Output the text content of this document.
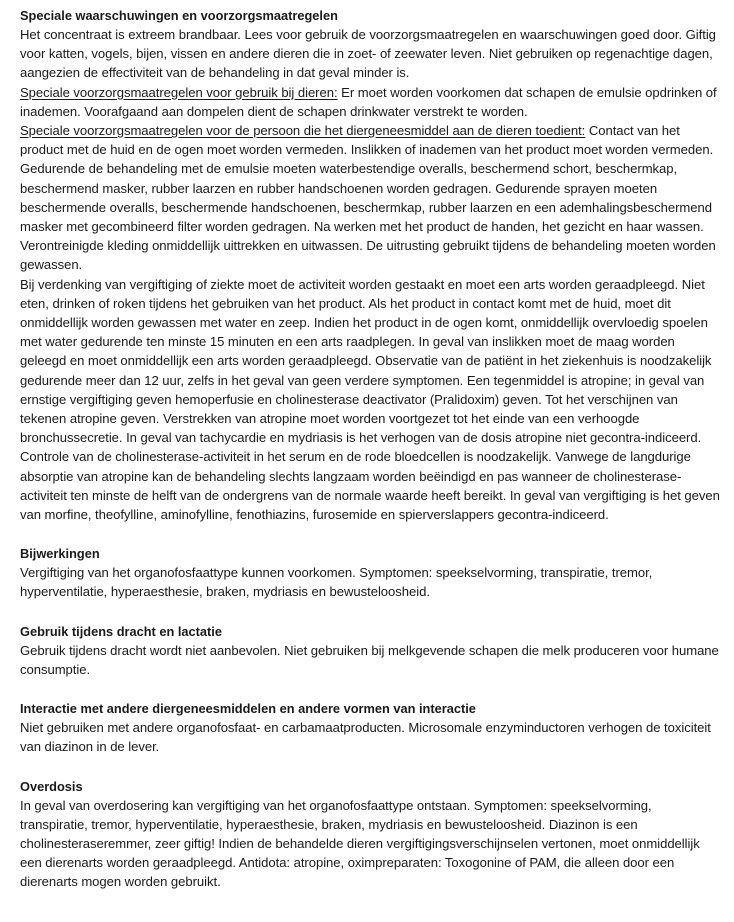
Speciale waarschuwingen en voorzorgsmaatregelen

Het concentraat is extreem brandbaar. Lees voor gebruik de voorzorgsmaatregelen en waarschuwingen goed door. Giftig voor katten, vogels, bijen, vissen en andere dieren die in zoet- of zeewater leven. Niet gebruiken op regenachtige dagen, aangezien de effectiviteit van de behandeling in dat geval minder is.

Speciale voorzorgsmaatregelen voor gebruik bij dieren: Er moet worden voorkomen dat schapen de emulsie opdrinken of inademen. Voorafgaand aan dompelen dient de schapen drinkwater verstrekt te worden.

Speciale voorzorgsmaatregelen voor de persoon die het diergeneesmiddel aan de dieren toedient: Contact van het product met de huid en de ogen moet worden vermeden. Inslikken of inademen van het product moet worden vermeden. Gedurende de behandeling met de emulsie moeten waterbestendige overalls, beschermend schort, beschermkap, beschermend masker, rubber laarzen en rubber handschoenen worden gedragen. Gedurende sprayen moeten beschermende overalls, beschermende handschoenen, beschermkap, rubber laarzen en een ademhalingsbeschermend masker met gecombineerd filter worden gedragen. Na werken met het product de handen, het gezicht en haar wassen. Verontreinigde kleding onmiddellijk uittrekken en uitwassen. De uitrusting gebruikt tijdens de behandeling moeten worden gewassen.

Bij verdenking van vergiftiging of ziekte moet de activiteit worden gestaakt en moet een arts worden geraadpleegd. Niet eten, drinken of roken tijdens het gebruiken van het product. Als het product in contact komt met de huid, moet dit onmiddellijk worden gewassen met water en zeep. Indien het product in de ogen komt, onmiddellijk overvloedig spoelen met water gedurende ten minste 15 minuten en een arts raadplegen. In geval van inslikken moet de maag worden geleegd en moet onmiddellijk een arts worden geraadpleegd. Observatie van de patiënt in het ziekenhuis is noodzakelijk gedurende meer dan 12 uur, zelfs in het geval van geen verdere symptomen. Een tegenmiddel is atropine; in geval van ernstige vergiftiging geven hemoperfusie en cholinesterase deactivator (Pralidoxim) geven. Tot het verschijnen van tekenen atropine geven. Verstrekken van atropine moet worden voortgezet tot het einde van een verhoogde bronchussecretie. In geval van tachycardie en mydriasis is het verhogen van de dosis atropine niet gecontra-indiceerd. Controle van de cholinesterase-activiteit in het serum en de rode bloedcellen is noodzakelijk. Vanwege de langdurige absorptie van atropine kan de behandeling slechts langzaam worden beëindigd en pas wanneer de cholinesterase-activiteit ten minste de helft van de ondergrens van de normale waarde heeft bereikt. In geval van vergiftiging is het geven van morfine, theofylline, aminofylline, fenothiazins, furosemide en spierverslappers gecontra-indiceerd.

Bijwerkingen

Vergiftiging van het organofosfaattype kunnen voorkomen. Symptomen: speekselvorming, transpiratie, tremor, hyperventilatie, hyperaesthesie, braken, mydriasis en bewusteloosheid.

Gebruik tijdens dracht en lactatie

Gebruik tijdens dracht wordt niet aanbevolen. Niet gebruiken bij melkgevende schapen die melk produceren voor humane consumptie.

Interactie met andere diergeneesmiddelen en andere vormen van interactie

Niet gebruiken met andere organofosfaat- en carbamaatproducten. Microsomale enzyminductoren verhogen de toxiciteit van diazinon in de lever.

Overdosis

In geval van overdosering kan vergiftiging van het organofosfaattype ontstaan. Symptomen: speekselvorming, transpiratie, tremor, hyperventilatie, hyperaesthesie, braken, mydriasis en bewusteloosheid. Diazinon is een cholinesteraseremmer, zeer giftig! Indien de behandelde dieren vergiftigingsverschijnselen vertonen, moet onmiddellijk een dierenarts worden geraadpleegd. Antidota: atropine, oximpreparaten: Toxogonine of PAM, die alleen door een dierenarts mogen worden gebruikt.
